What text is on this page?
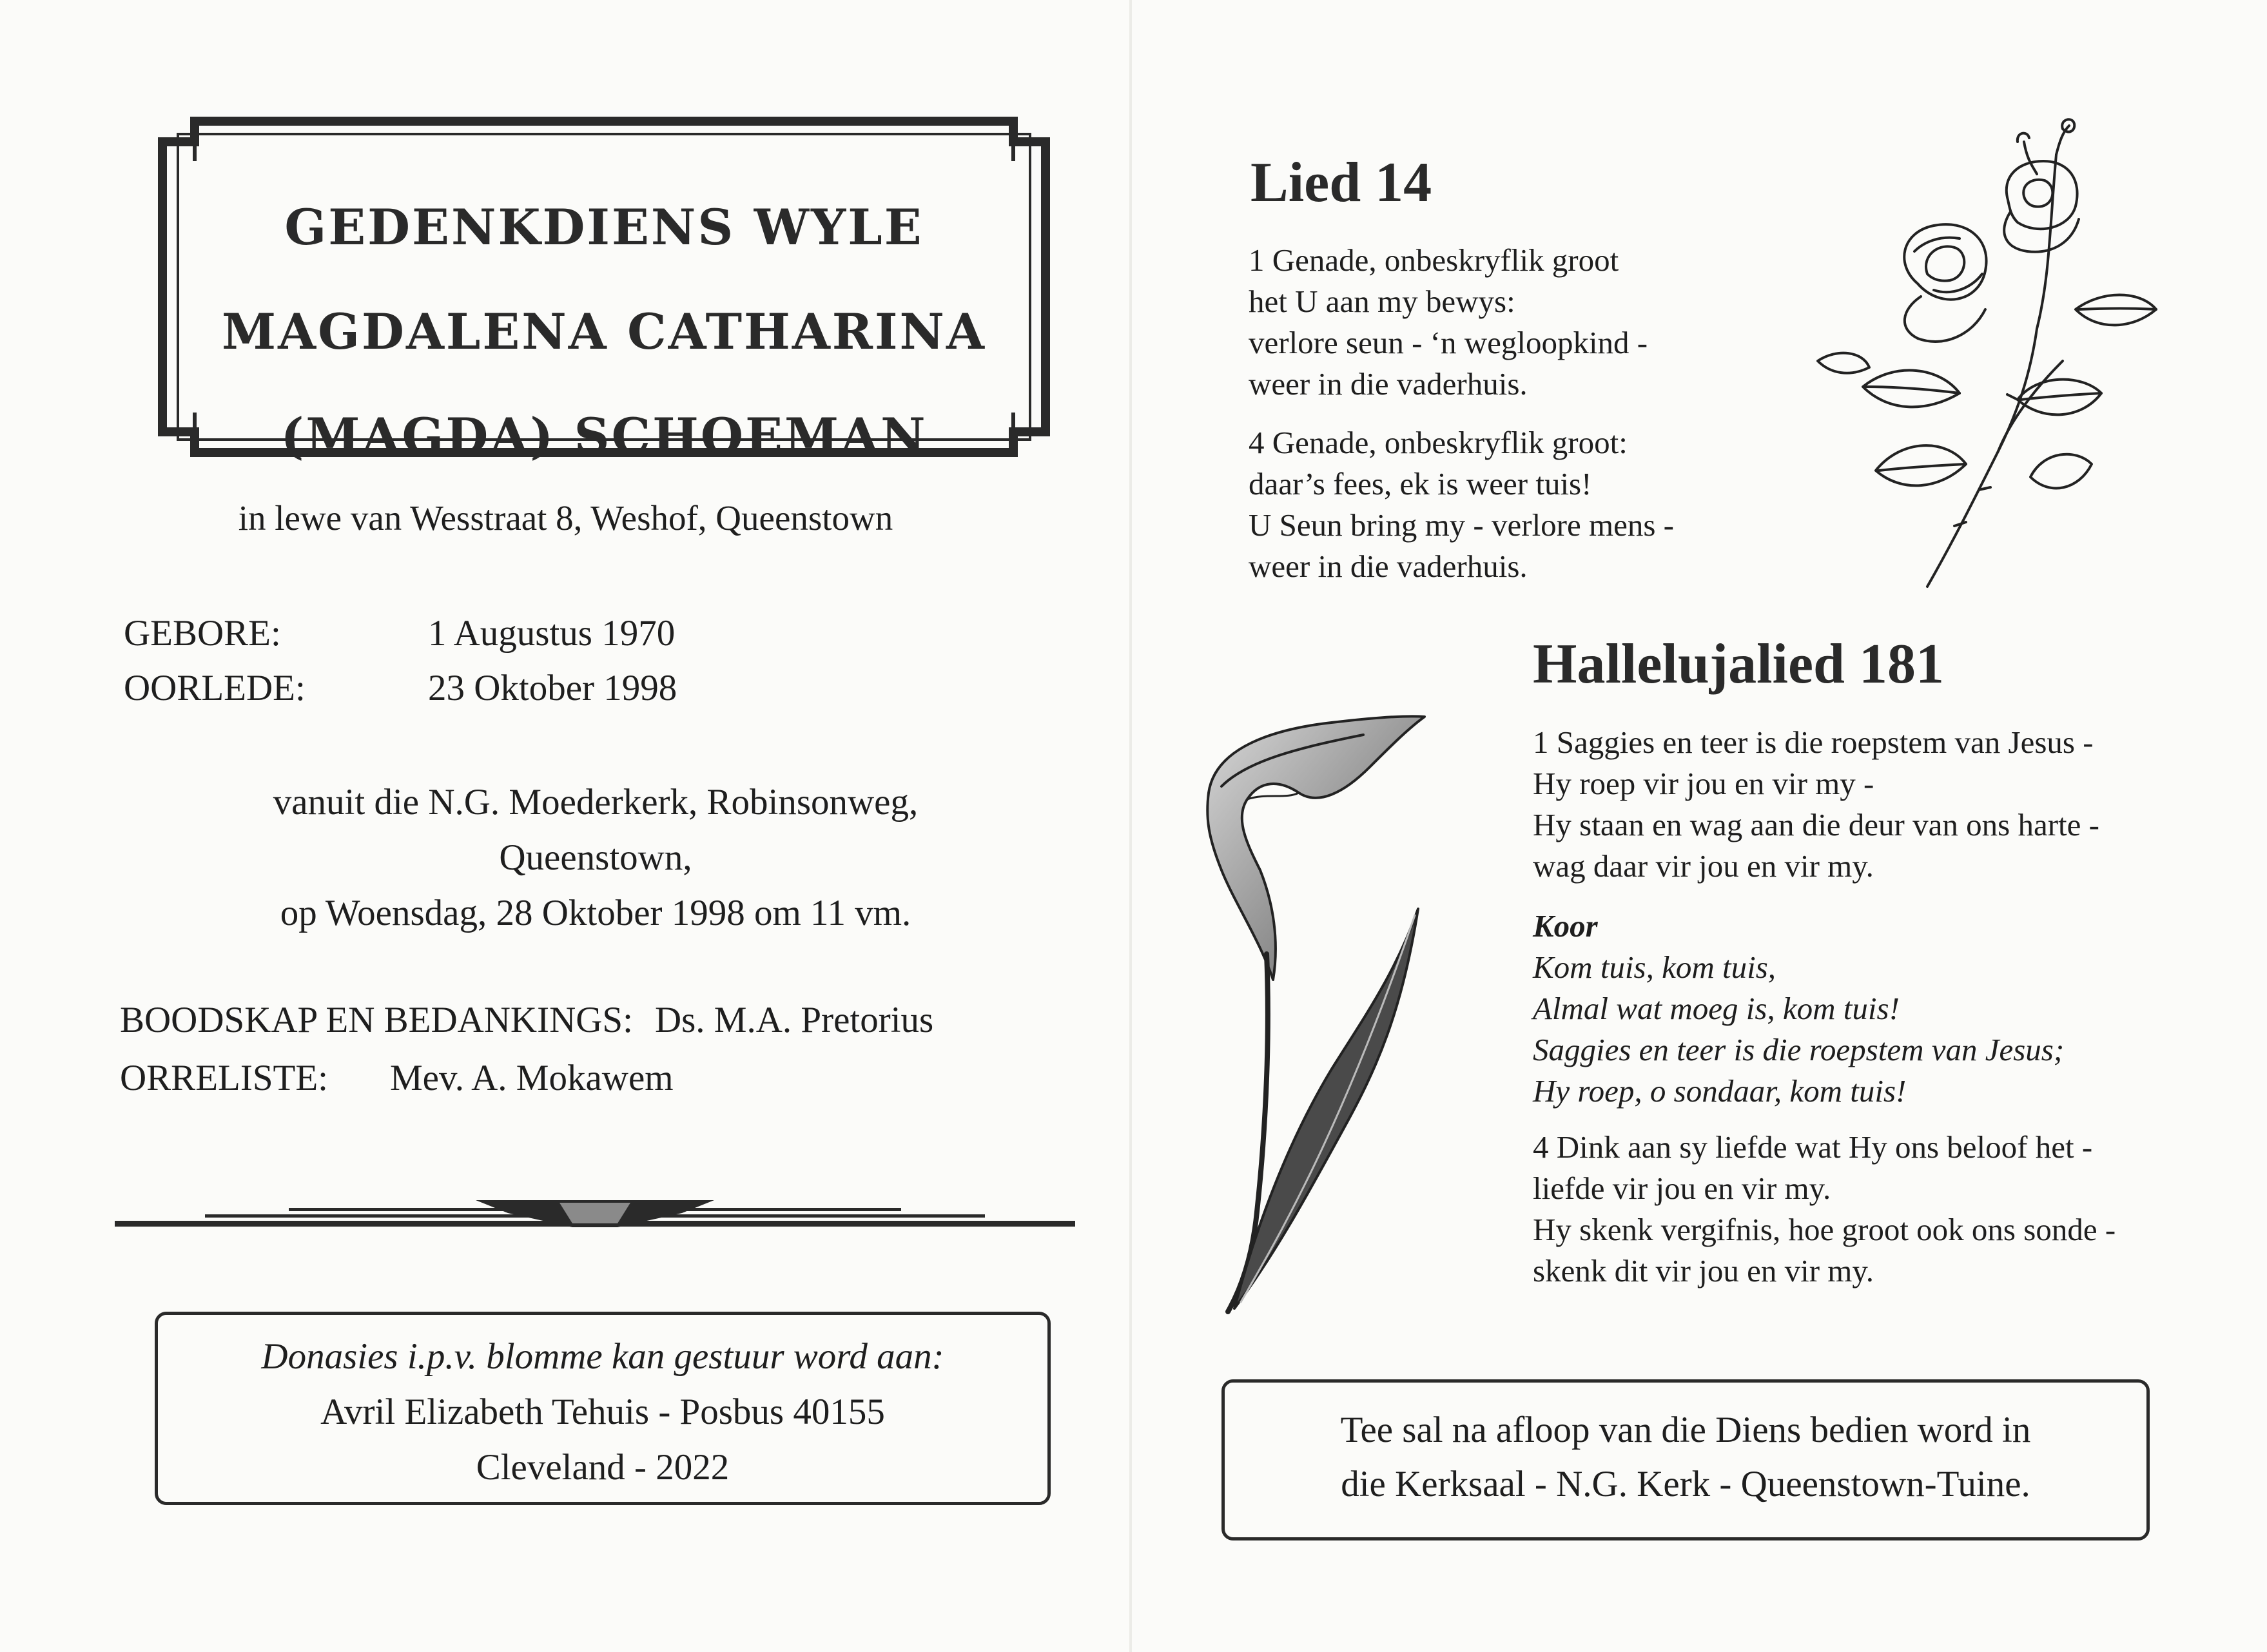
GEDENKDIENS WYLE
MAGDALENA CATHARINA
(MAGDA) SCHOEMAN
in lewe van Wesstraat 8, Weshof, Queenstown
GEBORE:	1 Augustus 1970
OORLEDE:	23 Oktober 1998
vanuit die N.G. Moederkerk, Robinsonweg,
Queenstown,
op Woensdag, 28 Oktober 1998 om 11 vm.
BOODSKAP EN BEDANKINGS: Ds. M.A. Pretorius
ORRELISTE: Mev. A. Mokawem
Donasies i.p.v. blomme kan gestuur word aan:
Avril Elizabeth Tehuis - Posbus 40155
Cleveland - 2022
Lied 14
1 Genade, onbeskryflik groot
het U aan my bewys:
verlore seun - ‘n wegloopkind -
weer in die vaderhuis.
4 Genade, onbeskryflik groot:
daar’s fees, ek is weer tuis!
U Seun bring my - verlore mens -
weer in die vaderhuis.
Hallelujalied 181
1 Saggies en teer is die roepstem van Jesus -
Hy roep vir jou en vir my -
Hy staan en wag aan die deur van ons harte -
wag daar vir jou en vir my.
Koor
Kom tuis, kom tuis,
Almal wat moeg is, kom tuis!
Saggies en teer is die roepstem van Jesus;
Hy roep, o sondaar, kom tuis!
4 Dink aan sy liefde wat Hy ons beloof het -
liefde vir jou en vir my.
Hy skenk vergifnis, hoe groot ook ons sonde -
skenk dit vir jou en vir my.
Tee sal na afloop van die Diens bedien word in
die Kerksaal - N.G. Kerk - Queenstown-Tuine.
